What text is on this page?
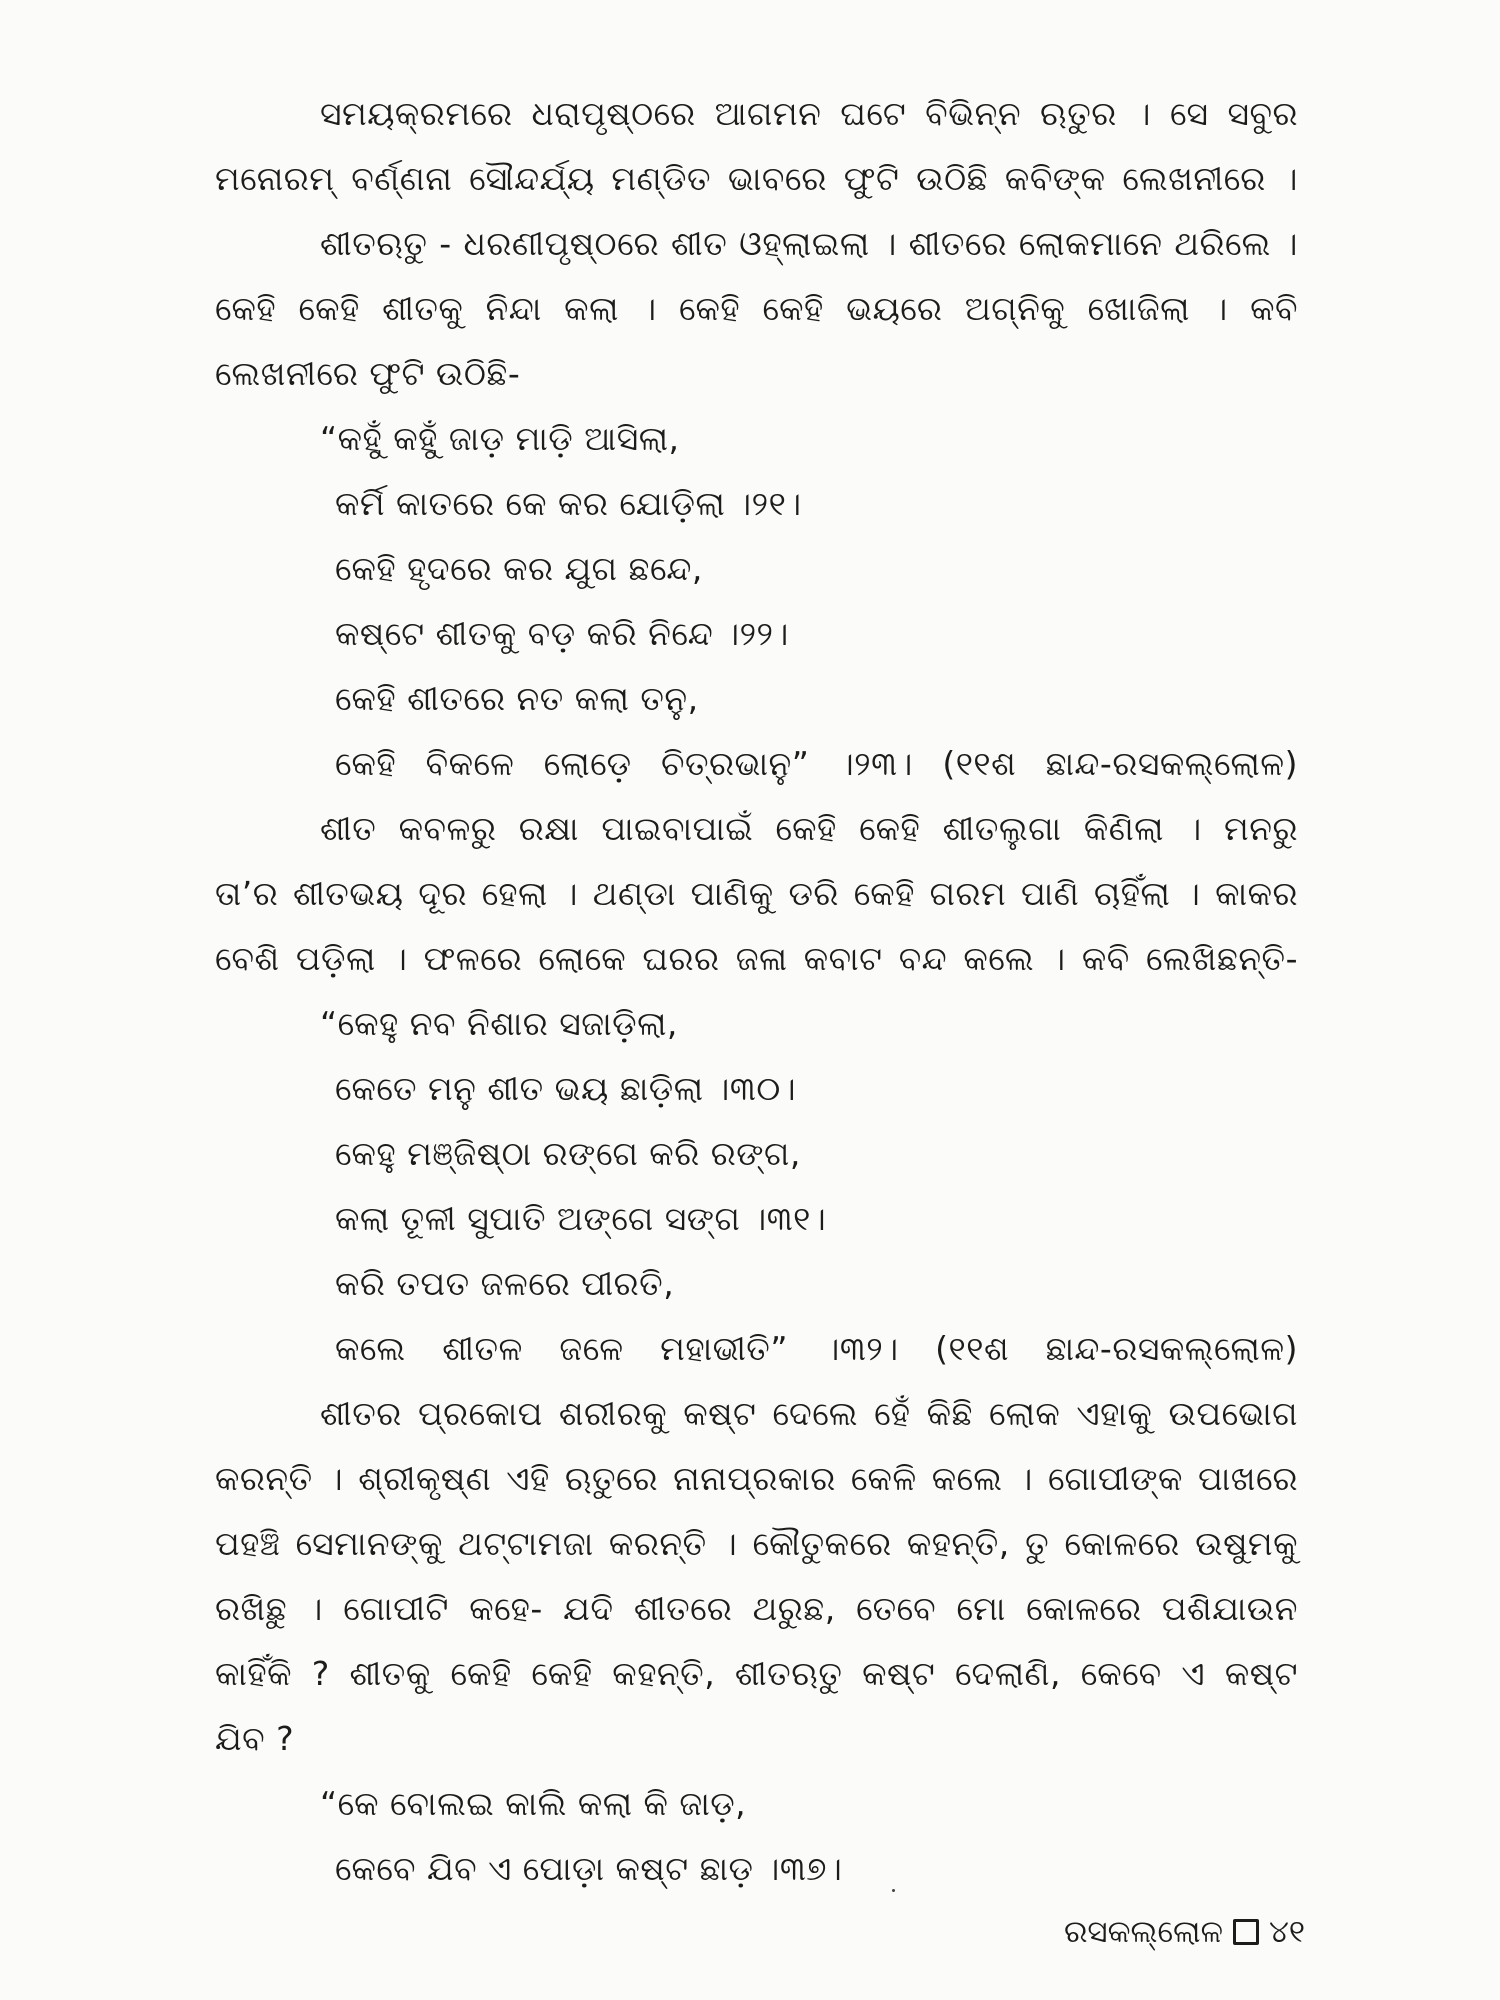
ସମୟକ୍ରମରେ ଧରାପୃଷ୍ଠରେ ଆଗମନ ଘଟେ ବିଭିନ୍ନ ଋତୁର । ସେ ସବୁର
ମନୋରମ୍ ବର୍ଣ୍ଣନା ସୌନ୍ଦର୍ଯ୍ୟ ମଣ୍ଡିତ ଭାବରେ ଫୁଟି ଉଠିଛି କବିଙ୍କ ଲେଖନୀରେ ।
ଶୀତଋତୁ - ଧରଣୀପୃଷ୍ଠରେ ଶୀତ ଓହ୍ଲାଇଲା । ଶୀତରେ ଲୋକମାନେ ଥରିଲେ ।
କେହି କେହି ଶୀତକୁ ନିନ୍ଦା କଲା । କେହି କେହି ଭୟରେ ଅଗ୍ନିକୁ ଖୋଜିଲା । କବି
ଲେଖନୀରେ ଫୁଟି ଉଠିଛି-
“କହୁଁ କହୁଁ ଜାଡ଼ ମାଡ଼ି ଆସିଲା,
କର୍ମି କାତରେ କେ କର ଯୋଡ଼ିଲା ।୨୧।
କେହି ହୃଦରେ କର ଯୁଗ ଛନ୍ଦେ,
କଷ୍ଟେ ଶୀତକୁ ବଡ଼ କରି ନିନ୍ଦେ ।୨୨।
କେହି ଶୀତରେ ନତ କଲା ତନୁ,
କେହି ବିକଳେ ଲୋଡ଼େ ଚିତ୍ରଭାନୁ” ।୨୩। (୧୧ଶ ଛାନ୍ଦ-ରସକଲ୍ଲୋଳ)
ଶୀତ କବଳରୁ ରକ୍ଷା ପାଇବାପାଇଁ କେହି କେହି ଶୀତଲୁଗା କିଣିଲା । ମନରୁ
ତା’ର ଶୀତଭୟ ଦୂର ହେଲା । ଥଣ୍ଡା ପାଣିକୁ ଡରି କେହି ଗରମ ପାଣି ଚାହିଁଲା । କାକର
ବେଶି ପଡ଼ିଲା । ଫଳରେ ଲୋକେ ଘରର ଜଳା କବାଟ ବନ୍ଦ କଲେ । କବି ଲେଖିଛନ୍ତି-
“କେହୁ ନବ ନିଶାର ସଜାଡ଼ିଲା,
କେତେ ମନୁ ଶୀତ ଭୟ ଛାଡ଼ିଲା ।୩୦।
କେହୁ ମଞ୍ଜିଷ୍ଠା ରଙ୍ଗେ କରି ରଙ୍ଗ,
କଲା ତୂଳୀ ସୁପାତି ଅଙ୍ଗେ ସଙ୍ଗ ।୩୧।
କରି ତପତ ଜଳରେ ପୀରତି,
କଲେ ଶୀତଳ ଜଳେ ମହାଭୀତି” ।୩୨। (୧୧ଶ ଛାନ୍ଦ-ରସକଲ୍ଲୋଳ)
ଶୀତର ପ୍ରକୋପ ଶରୀରକୁ କଷ୍ଟ ଦେଲେ ହେଁ କିଛି ଲୋକ ଏହାକୁ ଉପଭୋଗ
କରନ୍ତି । ଶ୍ରୀକୃଷ୍ଣ ଏହି ଋତୁରେ ନାନାପ୍ରକାର କେଳି କଲେ । ଗୋପୀଙ୍କ ପାଖରେ
ପହଞ୍ଚି ସେମାନଙ୍କୁ ଥଟ୍ଟାମଜା କରନ୍ତି । କୌତୁକରେ କହନ୍ତି, ତୁ କୋଳରେ ଉଷୁମକୁ
ରଖିଛୁ । ଗୋପୀଟି କହେ- ଯଦି ଶୀତରେ ଥରୁଛ, ତେବେ ମୋ କୋଳରେ ପଶିଯାଉନ
କାହିଁକି ? ଶୀତକୁ କେହି କେହି କହନ୍ତି, ଶୀତଋତୁ କଷ୍ଟ ଦେଲାଣି, କେବେ ଏ କଷ୍ଟ
ଯିବ ?
“କେ ବୋଲଇ କାଲି କଲା କି ଜାଡ଼,
କେବେ ଯିବ ଏ ପୋଡ଼ା କଷ୍ଟ ଛାଡ଼ ।୩୭।
ରସକଲ୍ଲୋଳ ୪୧
